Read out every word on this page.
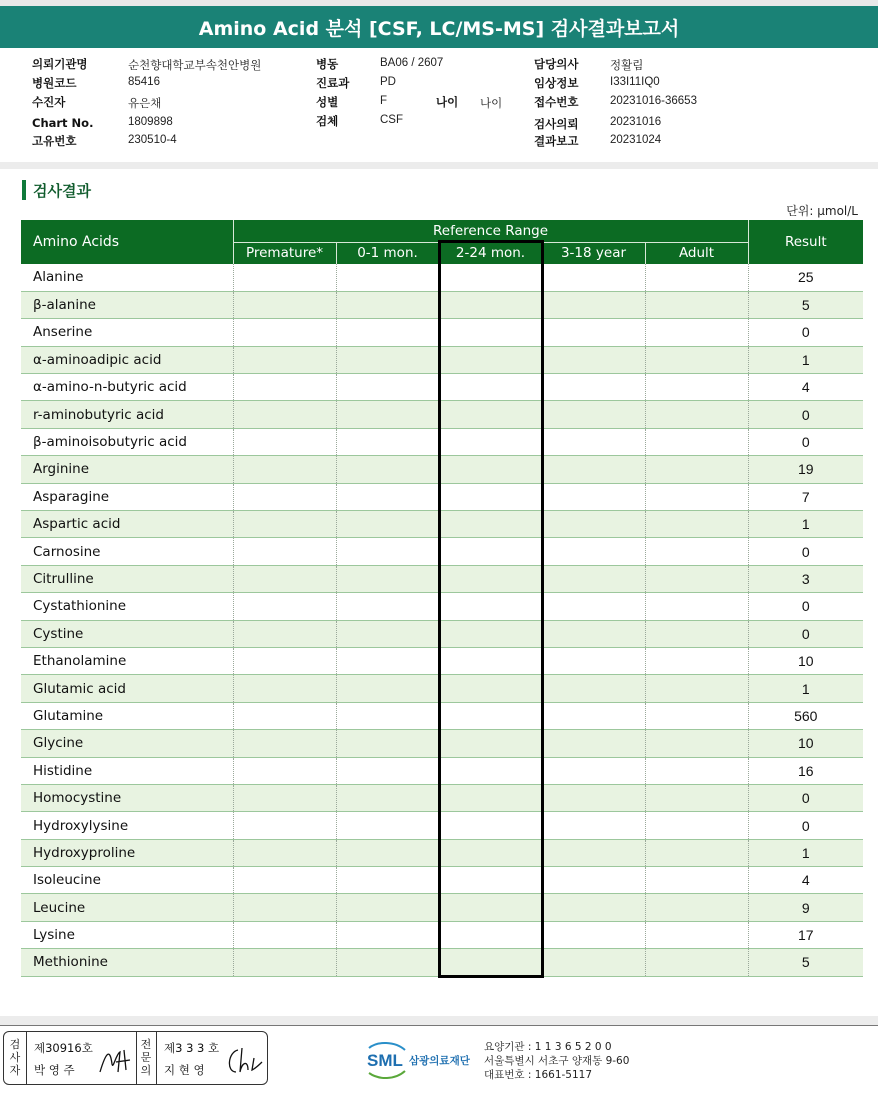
Amino Acid 분석 [CSF, LC/MS-MS] 검사결과보고서
의뢰기관명	순천향대학교부속천안병원
병원코드	85416
수진자	유은채
Chart No.	1809898
고유번호	230510-4
병동	BA06 / 2607
진료과	PD
성별	F	나이 나이
검체	CSF
담당의사	정활림
임상정보	I33I11IQ0
접수번호	20231016-36653
검사의뢰	20231016
결과보고	20231024
검사결과
단위: μmol/L
Amino Acids	Reference Range					Result
	Premature*	0-1 mon.	2-24 mon.	3-18 year	Adult	
Alanine						25
β-alanine						5
Anserine						0
α-aminoadipic acid						1
α-amino-n-butyric acid						4
r-aminobutyric acid						0
β-aminoisobutyric acid						0
Arginine						19
Asparagine						7
Aspartic acid						1
Carnosine						0
Citrulline						3
Cystathionine						0
Cystine						0
Ethanolamine						10
Glutamic acid						1
Glutamine						560
Glycine						10
Histidine						16
Homocystine						0
Hydroxylysine						0
Hydroxyproline						1
Isoleucine						4
Leucine						9
Lysine						17
Methionine						5
검사자
제30916호
박 영 주
전문의
제3 3 3 호
지 현 영	SML 삼광의료재단
요양기관 : 1 1 3 6 5 2 0 0
서울특별시 서초구 양재동 9-60
대표번호 : 1661-5117
